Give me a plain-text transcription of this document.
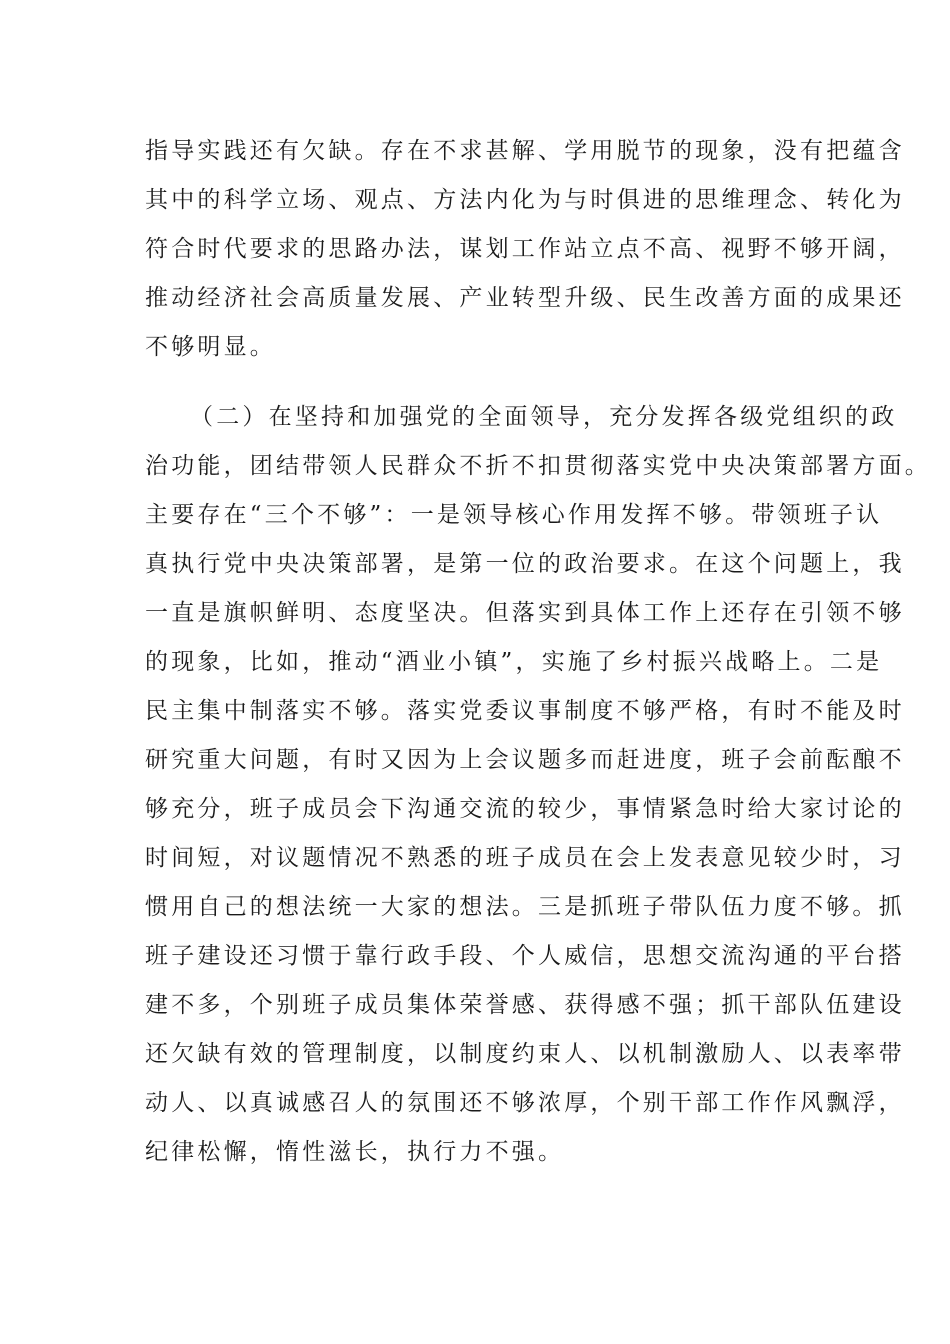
指导实践还有欠缺。存在不求甚解、学用脱节的现象，没有把蕴含

其中的科学立场、观点、方法内化为与时俱进的思维理念、转化为

符合时代要求的思路办法，谋划工作站立点不高、视野不够开阔，

推动经济社会高质量发展、产业转型升级、民生改善方面的成果还

不够明显。

（二）在坚持和加强党的全面领导，充分发挥各级党组织的政

治功能，团结带领人民群众不折不扣贯彻落实党中央决策部署方面。

主要存在“三个不够”：一是领导核心作用发挥不够。带领班子认

真执行党中央决策部署，是第一位的政治要求。在这个问题上，我

一直是旗帜鲜明、态度坚决。但落实到具体工作上还存在引领不够

的现象，比如，推动“酒业小镇”，实施了乡村振兴战略上。二是

民主集中制落实不够。落实党委议事制度不够严格，有时不能及时

研究重大问题，有时又因为上会议题多而赶进度，班子会前酝酿不

够充分，班子成员会下沟通交流的较少，事情紧急时给大家讨论的

时间短，对议题情况不熟悉的班子成员在会上发表意见较少时，习

惯用自己的想法统一大家的想法。三是抓班子带队伍力度不够。抓

班子建设还习惯于靠行政手段、个人威信，思想交流沟通的平台搭

建不多，个别班子成员集体荣誉感、获得感不强；抓干部队伍建设

还欠缺有效的管理制度，以制度约束人、以机制激励人、以表率带

动人、以真诚感召人的氛围还不够浓厚，个别干部工作作风飘浮，

纪律松懈，惰性滋长，执行力不强。
